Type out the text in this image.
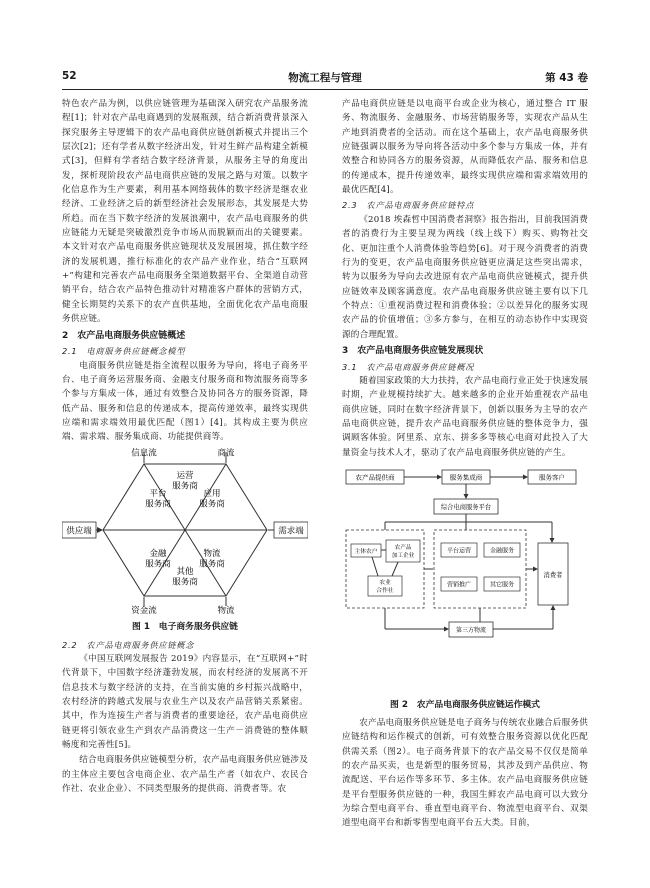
52	物流工程与管理	第 43 卷

特色农产品为例，以供应链管理为基础深入研究农产品服务流程[1]；针对农产品电商遇到的发展瓶颈，结合新消费背景深入探究服务主导逻辑下的农产品电商供应链创新模式并提出三个层次[2]；还有学者从数字经济出发，针对生鲜产品构建全新模式[3]，但鲜有学者结合数字经济背景，从服务主导的角度出发，探析现阶段农产品电商供应链的发展之路与对策。以数字化信息作为生产要素，利用基本网络载体的数字经济是继农业经济、工业经济之后的新型经济社会发展形态，其发展是大势所趋。而在当下数字经济的发展浪潮中，农产品电商服务的供应链能力无疑是突破激烈竞争市场从而脱颖而出的关键要素。本文针对农产品电商服务供应链现状及发展困境，抓住数字经济的发展机遇，推行标准化的农产品产业作业，结合“互联网+”构建和完善农产品电商服务全渠道数据平台、全渠道自动营销平台，结合农产品特色推动针对精准客户群体的营销方式，健全长期契约关系下的农产直供基地，全面优化农产品电商服务供应链。

2　农产品电商服务供应链概述
2.1　电商服务供应链概念模型

电商服务供应链是指全流程以服务为导向，将电子商务平台、电子商务运营服务商、金融支付服务商和物流服务商等多个参与方集成一体，通过有效整合及协同各方的服务资源，降低产品、服务和信息的传递成本，提高传递效率，最终实现供应端和需求端效用最优匹配（图1）[4]。其构成主要为供应端、需求端、服务集成商、功能提供商等。

供应端	需求端
信息流	商流
资金流	物流
平台
服务商
运营
服务商
应用
服务商
金融
服务商
其他
服务商
物流
服务商
图 1　电子商务服务供应链
2.2　农产品电商服务供应链概念

《中国互联网发展报告 2019》内容显示，在“互联网+”时代背景下，中国数字经济蓬勃发展，而农村经济的发展离不开信息技术与数字经济的支持，在当前实施的乡村振兴战略中，农村经济的跨越式发展与农业生产以及农产品营销关系紧密。其中，作为连接生产者与消费者的重要途径，农产品电商供应链更将引领农业生产到农产品消费这一生产－消费链的整体顺畅度和完善性[5]。

结合电商服务供应链模型分析，农产品电商服务供应链涉及的主体应主要包含电商企业、农产品生产者（如农户、农民合作社、农业企业）、不同类型服务的提供商、消费者等。农

产品电商供应链是以电商平台或企业为核心，通过整合 IT 服务、物流服务、金融服务、市场营销服务等，实现农产品从生产地到消费者的全活动。而在这个基础上，农产品电商服务供应链强调以服务为导向将各活动中多个参与方集成一体，并有效整合和协同各方的服务资源，从而降低农产品、服务和信息的传递成本，提升传递效率，最终实现供应端和需求端效用的最优匹配[4]。

2.3　农产品电商服务供应链特点

《2018 埃森哲中国消费者洞察》报告指出，目前我国消费者的消费行为主要呈现为两线（线上线下）购买、购物社交化、更加注重个人消费体验等趋势[6]。对于现今消费者的消费行为的变更，农产品电商服务供应链更应满足这些突出需求，转为以服务为导向去改进原有农产品电商供应链模式，提升供应链效率及顾客满意度。农产品电商服务供应链主要有以下几个特点：①重视消费过程和消费体验；②以差异化的服务实现农产品的价值增值；③多方参与，在相互的动态协作中实现资源的合理配置。

3　农产品电商服务供应链发展现状
3.1　农产品电商服务供应链概况

随着国家政策的大力扶持，农产品电商行业正处于快速发展时期，产业规模持续扩大。越来越多的企业开始重视农产品电商供应链，同时在数字经济背景下，创新以服务为主导的农产品电商供应链，提升农产品电商服务供应链的整体竞争力，强调顾客体验。阿里系、京东、拼多多等核心电商对此投入了大量资金与技术人才，驱动了农产品电商服务供应链的产生。

农产品提供商	服务集成商	服务客户
综合电商服务平台
主体农户
农产品
加工企业
农业
合作社
平台运营	金融服务
营销推广	其它服务
消费者
第三方物流
图 2　农产品电商服务供应链运作模式

农产品电商服务供应链是电子商务与传统农业融合后服务供应链结构和运作模式的创新，可有效整合服务资源以优化匹配供需关系（图2）。电子商务背景下的农产品交易不仅仅是简单的农产品买卖，也是新型的服务贸易，其涉及到产品供应、物流配送、平台运作等多环节、多主体。农产品电商服务供应链是平台型服务供应链的一种，我国生鲜农产品电商可以大致分为综合型电商平台、垂直型电商平台、物流型电商平台、双渠道型电商平台和新零售型电商平台五大类。目前，
